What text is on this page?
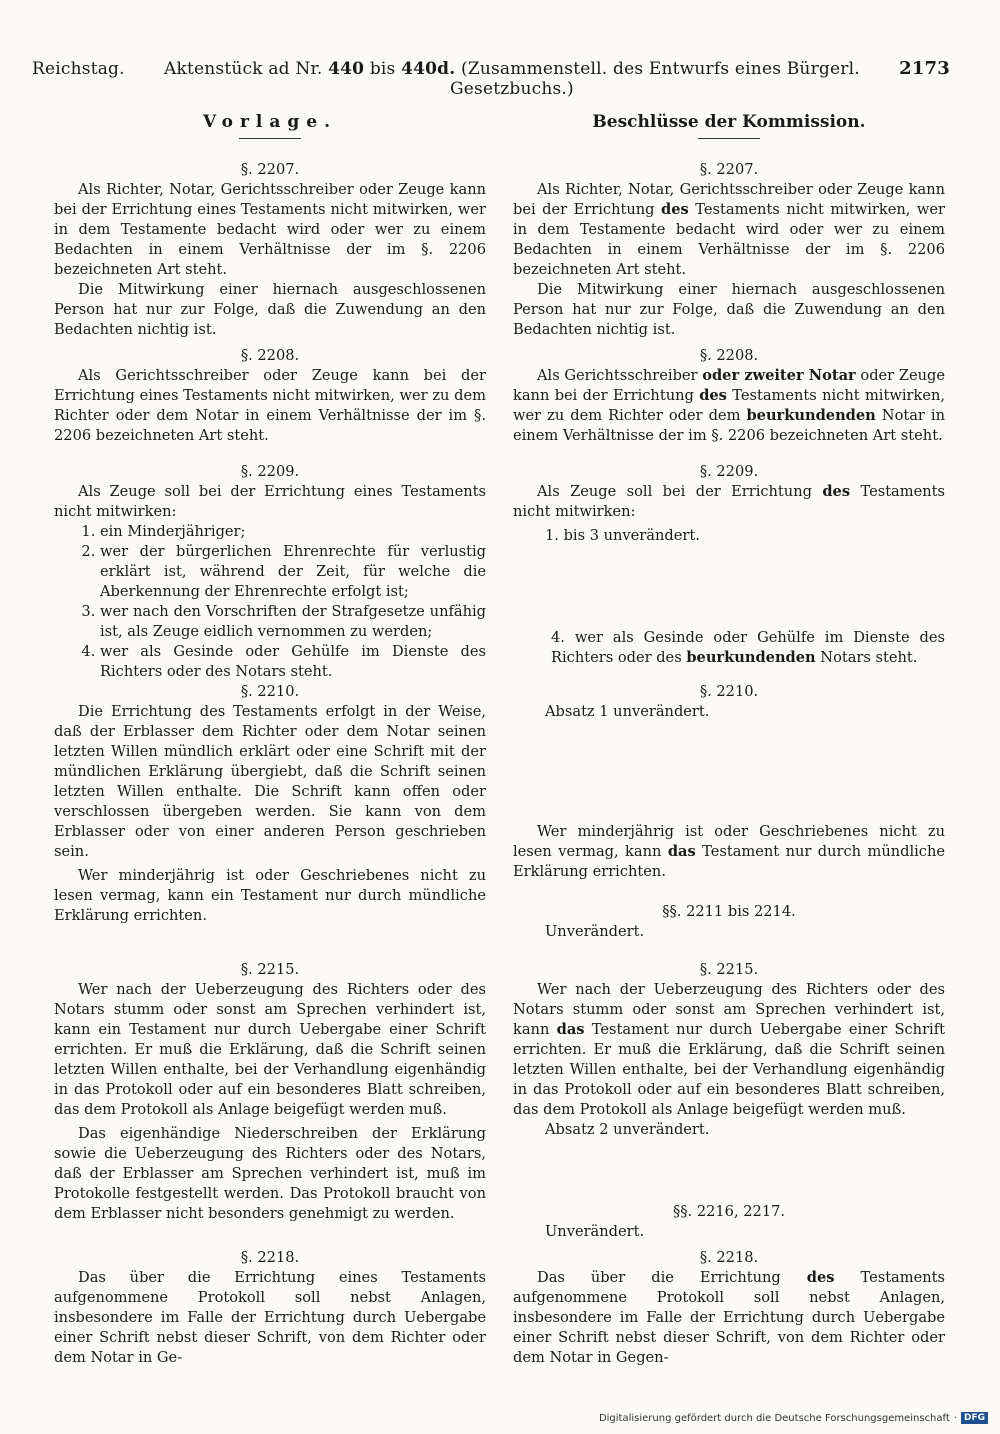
Reichstag.	Aktenstück ad Nr. 440 bis 440d. (Zusammenstell. des Entwurfs eines Bürgerl. Gesetzbuchs.)
2173
Vorlage.
§. 2207.

Als Richter, Notar, Gerichtsschreiber oder Zeuge kann bei der Errichtung eines Testaments nicht mitwirken, wer in dem Testamente bedacht wird oder wer zu einem Bedachten in einem Verhältnisse der im §. 2206 bezeichneten Art steht.

Die Mitwirkung einer hiernach ausgeschlossenen Person hat nur zur Folge, daß die Zuwendung an den Bedachten nichtig ist.

§. 2208.

Als Gerichtsschreiber oder Zeuge kann bei der Errichtung eines Testaments nicht mitwirken, wer zu dem Richter oder dem Notar in einem Verhältnisse der im §. 2206 bezeichneten Art steht.

§. 2209.

Als Zeuge soll bei der Errichtung eines Testaments nicht mitwirken:

1. ein Minderjähriger;
2. wer der bürgerlichen Ehrenrechte für verlustig erklärt ist, während der Zeit, für welche die Aberkennung der Ehrenrechte erfolgt ist;
3. wer nach den Vorschriften der Strafgesetze unfähig ist, als Zeuge eidlich vernommen zu werden;
4. wer als Gesinde oder Gehülfe im Dienste des Richters oder des Notars steht.
§. 2210.

Die Errichtung des Testaments erfolgt in der Weise, daß der Erblasser dem Richter oder dem Notar seinen letzten Willen mündlich erklärt oder eine Schrift mit der mündlichen Erklärung übergiebt, daß die Schrift seinen letzten Willen enthalte. Die Schrift kann offen oder verschlossen übergeben werden. Sie kann von dem Erblasser oder von einer anderen Person geschrieben sein.

Wer minderjährig ist oder Geschriebenes nicht zu lesen vermag, kann ein Testament nur durch mündliche Erklärung errichten.

§. 2215.

Wer nach der Ueberzeugung des Richters oder des Notars stumm oder sonst am Sprechen verhindert ist, kann ein Testament nur durch Uebergabe einer Schrift errichten. Er muß die Erklärung, daß die Schrift seinen letzten Willen enthalte, bei der Verhandlung eigenhändig in das Protokoll oder auf ein besonderes Blatt schreiben, das dem Protokoll als Anlage beigefügt werden muß.

Das eigenhändige Niederschreiben der Erklärung sowie die Ueberzeugung des Richters oder des Notars, daß der Erblasser am Sprechen verhindert ist, muß im Protokolle festgestellt werden. Das Protokoll braucht von dem Erblasser nicht besonders genehmigt zu werden.

§. 2218.

Das über die Errichtung eines Testaments aufgenommene Protokoll soll nebst Anlagen, insbesondere im Falle der Errichtung durch Uebergabe einer Schrift nebst dieser Schrift, von dem Richter oder dem Notar in Ge-

Beschlüsse der Kommission.
§. 2207.

Als Richter, Notar, Gerichtsschreiber oder Zeuge kann bei der Errichtung des Testaments nicht mitwirken, wer in dem Testamente bedacht wird oder wer zu einem Bedachten in einem Verhältnisse der im §. 2206 bezeichneten Art steht.

Die Mitwirkung einer hiernach ausgeschlossenen Person hat nur zur Folge, daß die Zuwendung an den Bedachten nichtig ist.

§. 2208.

Als Gerichtsschreiber oder zweiter Notar oder Zeuge kann bei der Errichtung des Testaments nicht mitwirken, wer zu dem Richter oder dem beurkundenden Notar in einem Verhältnisse der im §. 2206 bezeichneten Art steht.

§. 2209.

Als Zeuge soll bei der Errichtung des Testaments nicht mitwirken:

1. bis 3 unverändert.

4. wer als Gesinde oder Gehülfe im Dienste des Richters oder des beurkundenden Notars steht.

§. 2210.

Absatz 1 unverändert.

Wer minderjährig ist oder Geschriebenes nicht zu lesen vermag, kann das Testament nur durch mündliche Erklärung errichten.

§§. 2211 bis 2214.

Unverändert.

§. 2215.

Wer nach der Ueberzeugung des Richters oder des Notars stumm oder sonst am Sprechen verhindert ist, kann das Testament nur durch Uebergabe einer Schrift errichten. Er muß die Erklärung, daß die Schrift seinen letzten Willen enthalte, bei der Verhandlung eigenhändig in das Protokoll oder auf ein besonderes Blatt schreiben, das dem Protokoll als Anlage beigefügt werden muß.

Absatz 2 unverändert.

§§. 2216, 2217.

Unverändert.

§. 2218.

Das über die Errichtung des Testaments aufgenommene Protokoll soll nebst Anlagen, insbesondere im Falle der Errichtung durch Uebergabe einer Schrift nebst dieser Schrift, von dem Richter oder dem Notar in Gegen-

Digitalisierung gefördert durch die Deutsche Forschungsgemeinschaft · DFG
